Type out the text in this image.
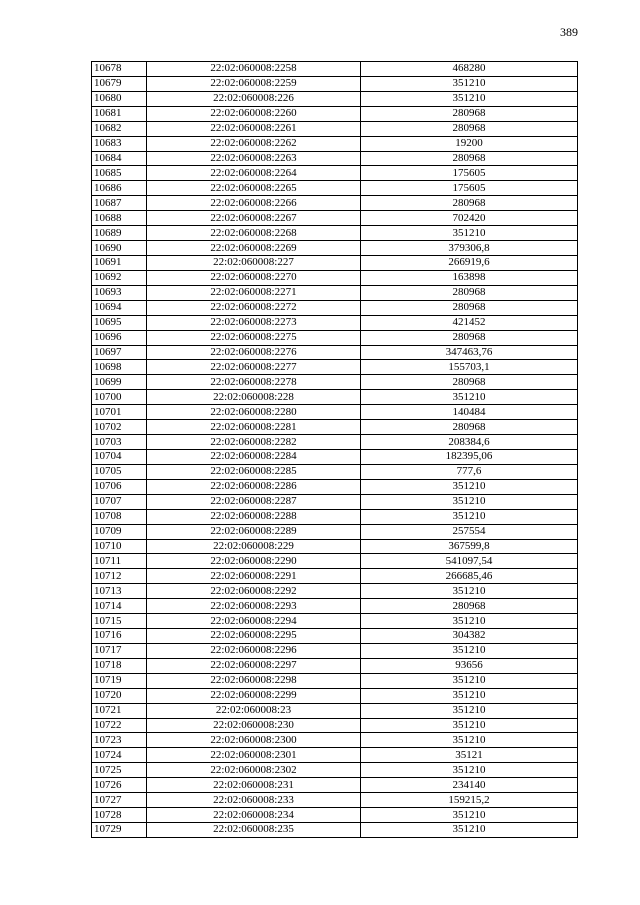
389
10678	22:02:060008:2258	468280
10679	22:02:060008:2259	351210
10680	22:02:060008:226	351210
10681	22:02:060008:2260	280968
10682	22:02:060008:2261	280968
10683	22:02:060008:2262	19200
10684	22:02:060008:2263	280968
10685	22:02:060008:2264	175605
10686	22:02:060008:2265	175605
10687	22:02:060008:2266	280968
10688	22:02:060008:2267	702420
10689	22:02:060008:2268	351210
10690	22:02:060008:2269	379306,8
10691	22:02:060008:227	266919,6
10692	22:02:060008:2270	163898
10693	22:02:060008:2271	280968
10694	22:02:060008:2272	280968
10695	22:02:060008:2273	421452
10696	22:02:060008:2275	280968
10697	22:02:060008:2276	347463,76
10698	22:02:060008:2277	155703,1
10699	22:02:060008:2278	280968
10700	22:02:060008:228	351210
10701	22:02:060008:2280	140484
10702	22:02:060008:2281	280968
10703	22:02:060008:2282	208384,6
10704	22:02:060008:2284	182395,06
10705	22:02:060008:2285	777,6
10706	22:02:060008:2286	351210
10707	22:02:060008:2287	351210
10708	22:02:060008:2288	351210
10709	22:02:060008:2289	257554
10710	22:02:060008:229	367599,8
10711	22:02:060008:2290	541097,54
10712	22:02:060008:2291	266685,46
10713	22:02:060008:2292	351210
10714	22:02:060008:2293	280968
10715	22:02:060008:2294	351210
10716	22:02:060008:2295	304382
10717	22:02:060008:2296	351210
10718	22:02:060008:2297	93656
10719	22:02:060008:2298	351210
10720	22:02:060008:2299	351210
10721	22:02:060008:23	351210
10722	22:02:060008:230	351210
10723	22:02:060008:2300	351210
10724	22:02:060008:2301	35121
10725	22:02:060008:2302	351210
10726	22:02:060008:231	234140
10727	22:02:060008:233	159215,2
10728	22:02:060008:234	351210
10729	22:02:060008:235	351210
